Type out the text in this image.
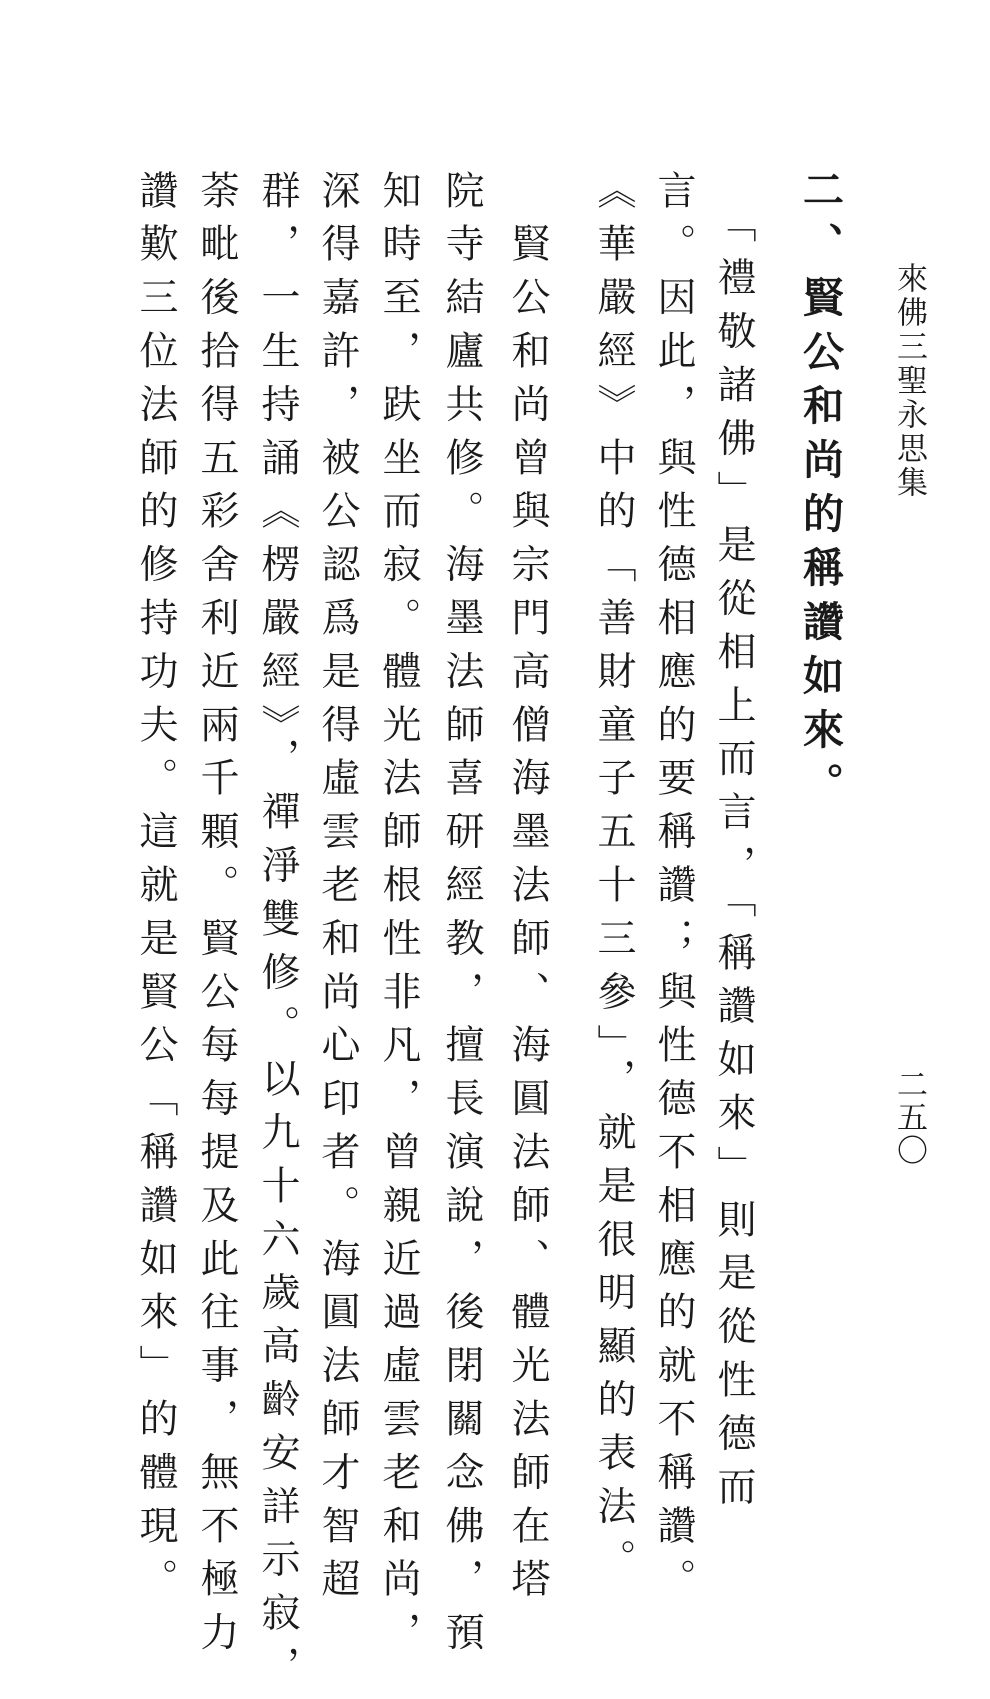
來佛三聖永思集
二五〇
二、賢公和尚的稱讚如來。
　「禮敬諸佛」是從相上而言，「稱讚如來」則是從性德而
言。因此，與性德相應的要稱讚；與性德不相應的就不稱讚。
《華嚴經》中的「善財童子五十三參」，就是很明顯的表法。
　賢公和尚曾與宗門高僧海墨法師、海圓法師、體光法師在塔
院寺結廬共修。海墨法師喜研經教，擅長演說，後閉關念佛，預
知時至，趺坐而寂。體光法師根性非凡，曾親近過虛雲老和尚，
深得嘉許，被公認爲是得虛雲老和尚心印者。海圓法師才智超
群，一生持誦《楞嚴經》，禪淨雙修。以九十六歲高齡安詳示寂，
荼毗後拾得五彩舍利近兩千顆。賢公每每提及此往事，無不極力
讚歎三位法師的修持功夫。這就是賢公「稱讚如來」的體現。
